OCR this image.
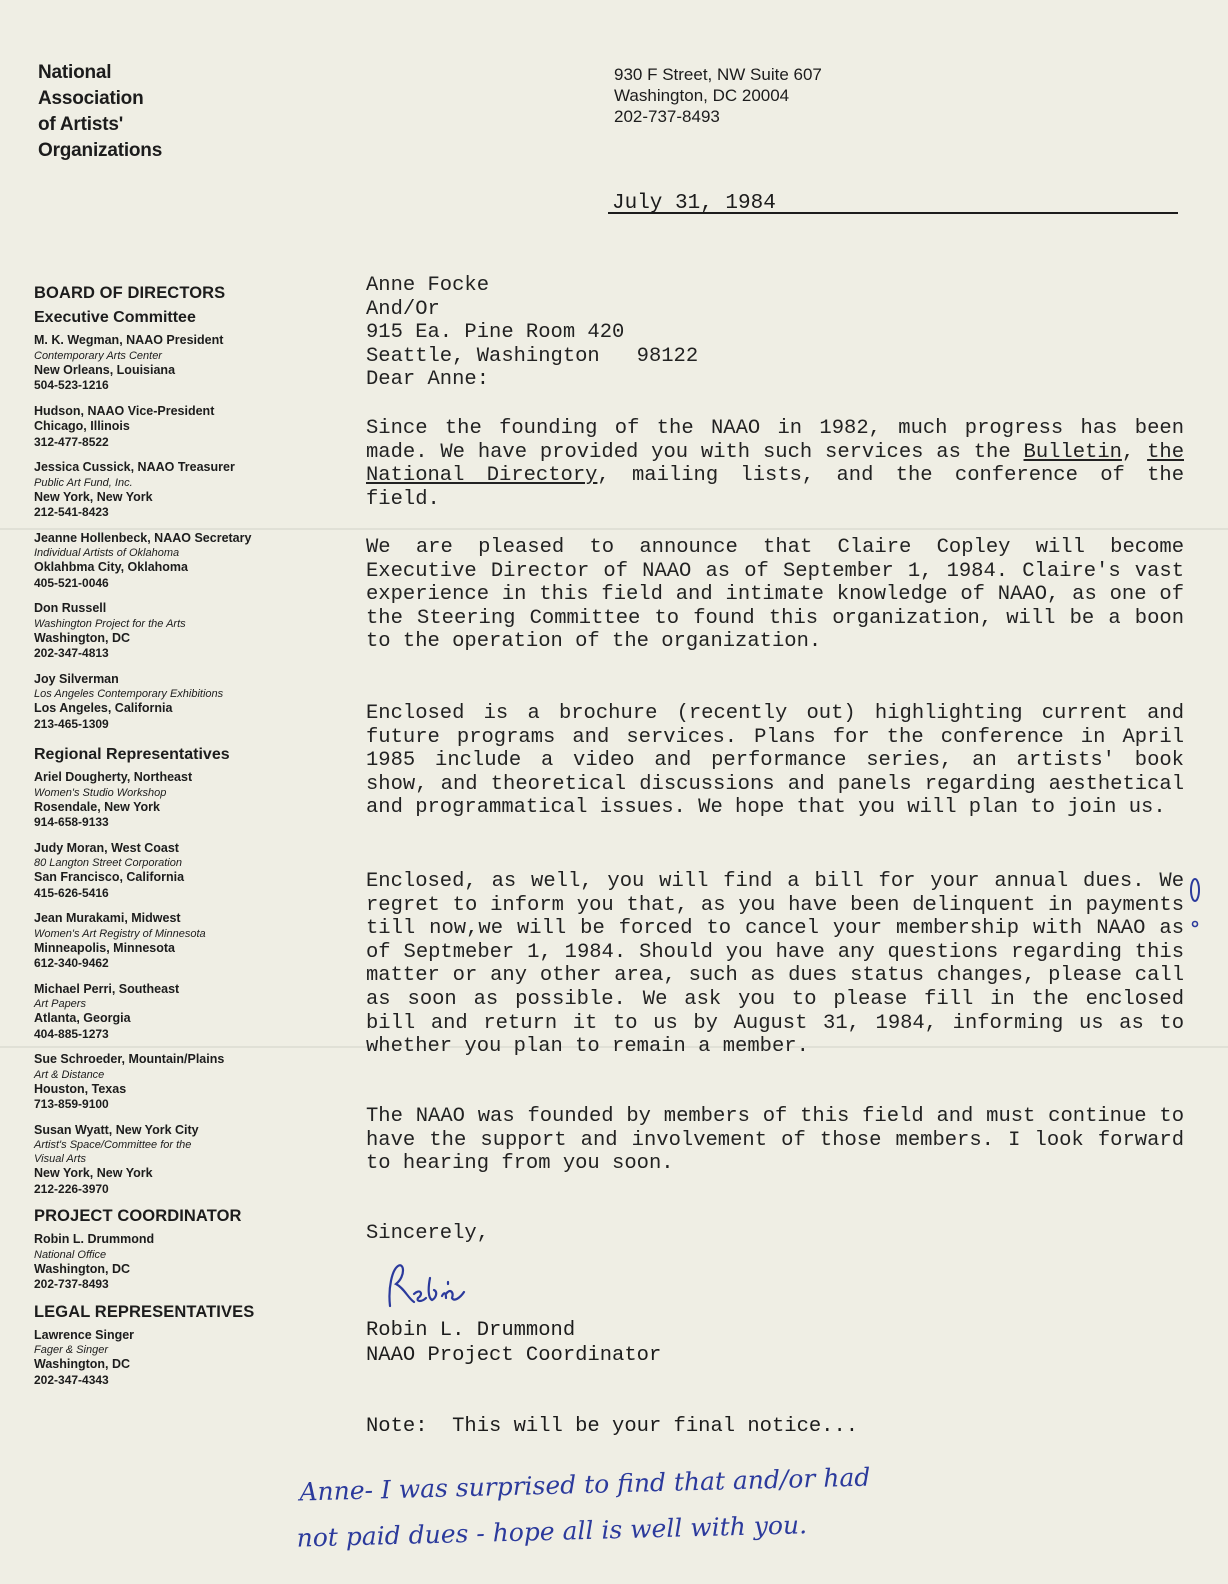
National
Association
of Artists'
Organizations
930 F Street, NW Suite 607
Washington, DC 20004
202-737-8493
July 31, 1984
BOARD OF DIRECTORS
Executive Committee
M. K. Wegman, NAAO President
Contemporary Arts Center
New Orleans, Louisiana
504-523-1216
Hudson, NAAO Vice-President
Chicago, Illinois
312-477-8522
Jessica Cussick, NAAO Treasurer
Public Art Fund, Inc.
New York, New York
212-541-8423
Jeanne Hollenbeck, NAAO Secretary
Individual Artists of Oklahoma
Oklahbma City, Oklahoma
405-521-0046
Don Russell
Washington Project for the Arts
Washington, DC
202-347-4813
Joy Silverman
Los Angeles Contemporary Exhibitions
Los Angeles, California
213-465-1309
Regional Representatives
Ariel Dougherty, Northeast
Women's Studio Workshop
Rosendale, New York
914-658-9133
Judy Moran, West Coast
80 Langton Street Corporation
San Francisco, California
415-626-5416
Jean Murakami, Midwest
Women's Art Registry of Minnesota
Minneapolis, Minnesota
612-340-9462
Michael Perri, Southeast
Art Papers
Atlanta, Georgia
404-885-1273
Sue Schroeder, Mountain/Plains
Art & Distance
Houston, Texas
713-859-9100
Susan Wyatt, New York City
Artist's Space/Committee for the Visual Arts
New York, New York
212-226-3970
PROJECT COORDINATOR
Robin L. Drummond
National Office
Washington, DC
202-737-8493
LEGAL REPRESENTATIVES
Lawrence Singer
Fager & Singer
Washington, DC
202-347-4343
Anne Focke
And/Or
915 Ea. Pine Room 420
Seattle, Washington   98122
Dear Anne:

Since the founding of the NAAO in 1982, much progress has been made. We have provided you with such services as the Bulletin, the National Directory, mailing lists, and the conference of the field.

We are pleased to announce that Claire Copley will become Executive Director of NAAO as of September 1, 1984. Claire's vast experience in this field and intimate knowledge of NAAO, as one of the Steering Committee to found this organization, will be a boon to the operation of the organization.

Enclosed is a brochure (recently out) highlighting current and future programs and services. Plans for the conference in April 1985 include a video and performance series, an artists' book show, and theoretical discussions and panels regarding aesthetical and programmatical issues. We hope that you will plan to join us.

Enclosed, as well, you will find a bill for your annual dues. We regret to inform you that, as you have been delinquent in payments till now,we will be forced to cancel your membership with NAAO as of Septmeber 1, 1984. Should you have any questions regarding this matter or any other area, such as dues status changes, please call as soon as possible. We ask you to please fill in the enclosed bill and return it to us by August 31, 1984, informing us as to whether you plan to remain a member.

The NAAO was founded by members of this field and must continue to have the support and involvement of those members. I look forward to hearing from you soon.

Sincerely,
Robin L. Drummond
NAAO Project Coordinator
Note:  This will be your final notice...
Anne- I was surprised to find that and/or had
not paid dues - hope all is well with you.
